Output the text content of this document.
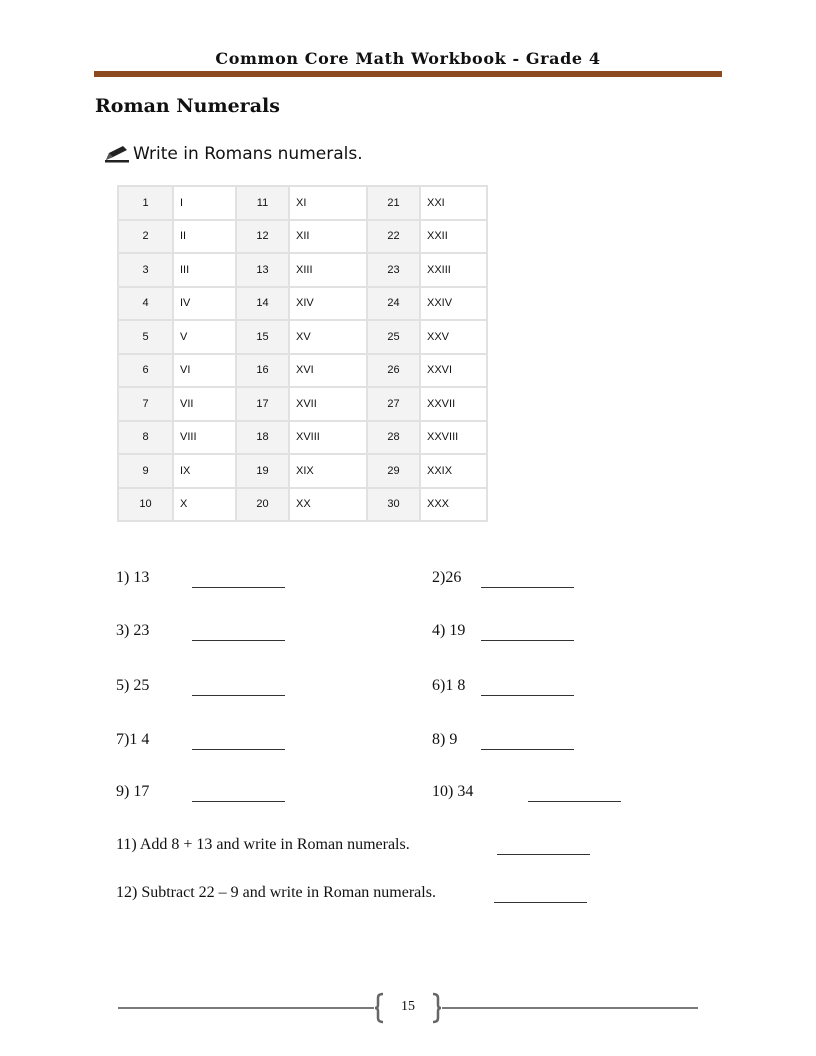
Common Core Math Workbook - Grade 4
Roman Numerals
Write in Romans numerals.
1	I	11	XI	21	XXI
2	II	12	XII	22	XXII
3	III	13	XIII	23	XXIII
4	IV	14	XIV	24	XXIV
5	V	15	XV	25	XXV
6	VI	16	XVI	26	XXVI
7	VII	17	XVII	27	XXVII
8	VIII	18	XVIII	28	XXVIII
9	IX	19	XIX	29	XXIX
10	X	20	XX	30	XXX
1) 13
3) 23
5) 25
7)1 4
9) 17
2)26
4) 19
6)1 8
8) 9
10) 34
11) Add 8 + 13 and write in Roman numerals.
12) Subtract 22 – 9 and write in Roman numerals.
15
